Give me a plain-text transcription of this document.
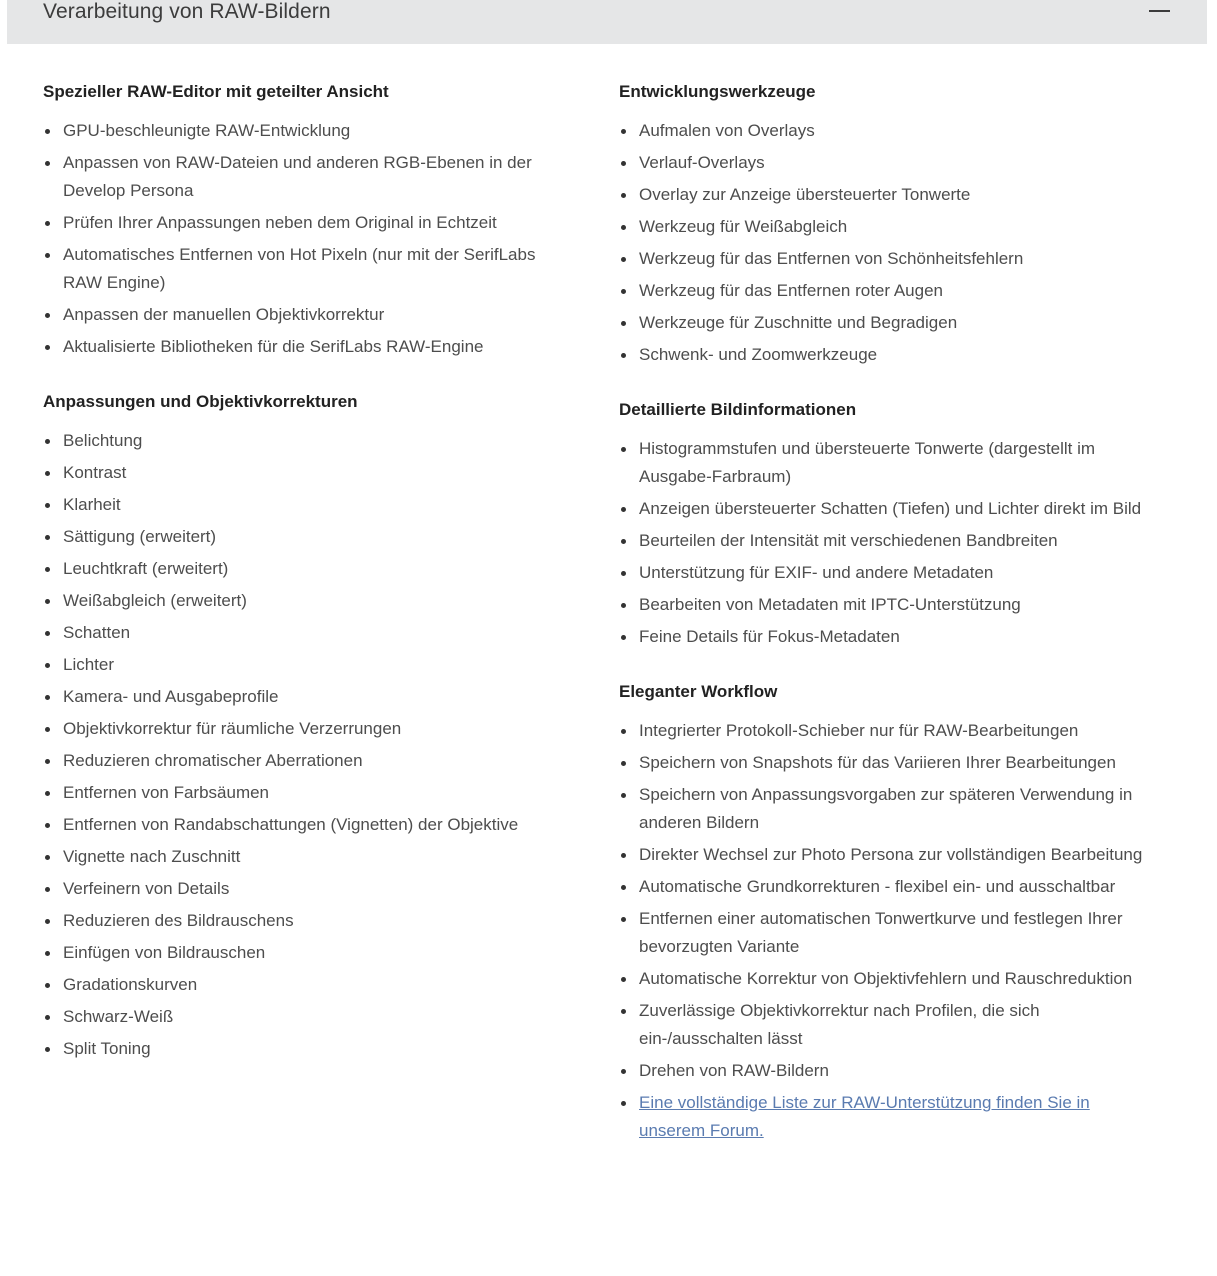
Verarbeitung von RAW-Bildern
Spezieller RAW-Editor mit geteilter Ansicht
GPU-beschleunigte RAW-Entwicklung
Anpassen von RAW-Dateien und anderen RGB-Ebenen in der Develop Persona
Prüfen Ihrer Anpassungen neben dem Original in Echtzeit
Automatisches Entfernen von Hot Pixeln (nur mit der SerifLabs RAW Engine)
Anpassen der manuellen Objektivkorrektur
Aktualisierte Bibliotheken für die SerifLabs RAW-Engine
Anpassungen und Objektivkorrekturen
Belichtung
Kontrast
Klarheit
Sättigung (erweitert)
Leuchtkraft (erweitert)
Weißabgleich (erweitert)
Schatten
Lichter
Kamera- und Ausgabeprofile
Objektivkorrektur für räumliche Verzerrungen
Reduzieren chromatischer Aberrationen
Entfernen von Farbsäumen
Entfernen von Randabschattungen (Vignetten) der Objektive
Vignette nach Zuschnitt
Verfeinern von Details
Reduzieren des Bildrauschens
Einfügen von Bildrauschen
Gradationskurven
Schwarz-Weiß
Split Toning
Entwicklungswerkzeuge
Aufmalen von Overlays
Verlauf-Overlays
Overlay zur Anzeige übersteuerter Tonwerte
Werkzeug für Weißabgleich
Werkzeug für das Entfernen von Schönheitsfehlern
Werkzeug für das Entfernen roter Augen
Werkzeuge für Zuschnitte und Begradigen
Schwenk- und Zoomwerkzeuge
Detaillierte Bildinformationen
Histogrammstufen und übersteuerte Tonwerte (dargestellt im Ausgabe-Farbraum)
Anzeigen übersteuerter Schatten (Tiefen) und Lichter direkt im Bild
Beurteilen der Intensität mit verschiedenen Bandbreiten
Unterstützung für EXIF- und andere Metadaten
Bearbeiten von Metadaten mit IPTC-Unterstützung
Feine Details für Fokus-Metadaten
Eleganter Workflow
Integrierter Protokoll-Schieber nur für RAW-Bearbeitungen
Speichern von Snapshots für das Variieren Ihrer Bearbeitungen
Speichern von Anpassungsvorgaben zur späteren Verwendung in anderen Bildern
Direkter Wechsel zur Photo Persona zur vollständigen Bearbeitung
Automatische Grundkorrekturen - flexibel ein- und ausschaltbar
Entfernen einer automatischen Tonwertkurve und festlegen Ihrer bevorzugten Variante
Automatische Korrektur von Objektivfehlern und Rauschreduktion
Zuverlässige Objektivkorrektur nach Profilen, die sich ein-/ausschalten lässt
Drehen von RAW-Bildern
Eine vollständige Liste zur RAW-Unterstützung finden Sie in unserem Forum.
